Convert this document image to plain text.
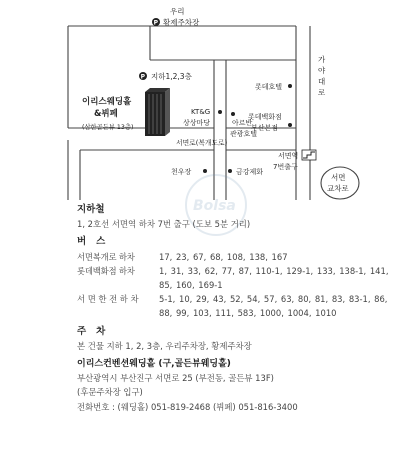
우리
P 황제주차장
P 지하1,2,3층
이리스웨딩홀
&뷔페
(삼한골든뷰 13층)
KT&G
상상마당	아르반
관광호텔
롯데호텔
롯데백화점
부산본점
가
야
대
로
서면로(복개도로)
서면역
7번출구
서면
교차로
천우장	금강제화
Bolsa
지하철
1, 2호선 서면역 하차 7번 출구 (도보 5분 거리)
버   스
서면복개로 하차	17, 23, 67, 68, 108, 138, 167
롯데백화점 하차	1, 31, 33, 62, 77, 87, 110-1, 129-1, 133, 138-1, 141, 85, 160, 169-1
서면한전하차	5-1, 10, 29, 43, 52, 54, 57, 63, 80, 81, 83, 83-1, 86, 88, 99, 103, 111, 583, 1000, 1004, 1010
주   차
본 건물 지하 1, 2, 3층, 우리주차장, 황제주차장
이리스컨벤션웨딩홀 (구,골든뷰웨딩홀)
부산광역시 부산진구 서면로 25 (부전동, 골든뷰 13F)
(후문주차장 입구)
전화번호 : (웨딩홀) 051-819-2468 (뷔페) 051-816-3400
